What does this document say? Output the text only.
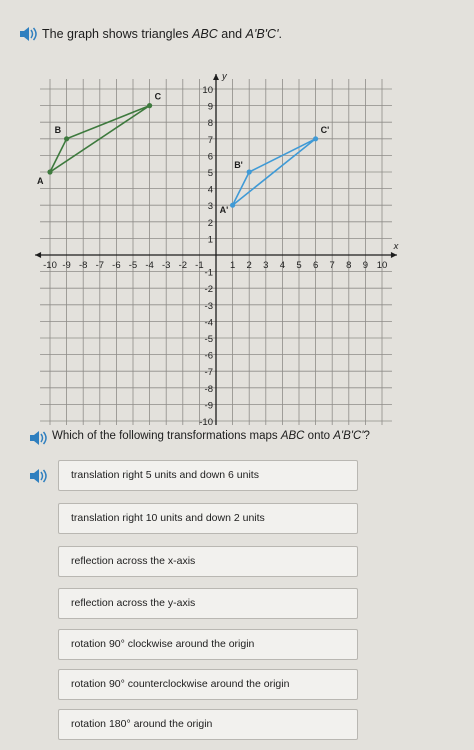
The graph shows triangles ABC and A'B'C'.
x
y
-10 -9 -8 -7 -6 -5 -4 -3 -2 -1	1 2 3 4 5 6 7 8 9 10
10
9
8
7
6
5
4
3
2
1
-1
-2
-3
-4
-5
-6
-7
-8
-9
-10
A
B
C
A'
B'
C'
Which of the following transformations maps ABC onto A'B'C'?
translation right 5 units and down 6 units
translation right 10 units and down 2 units
reflection across the x-axis
reflection across the y-axis
rotation 90° clockwise around the origin
rotation 90° counterclockwise around the origin
rotation 180° around the origin
